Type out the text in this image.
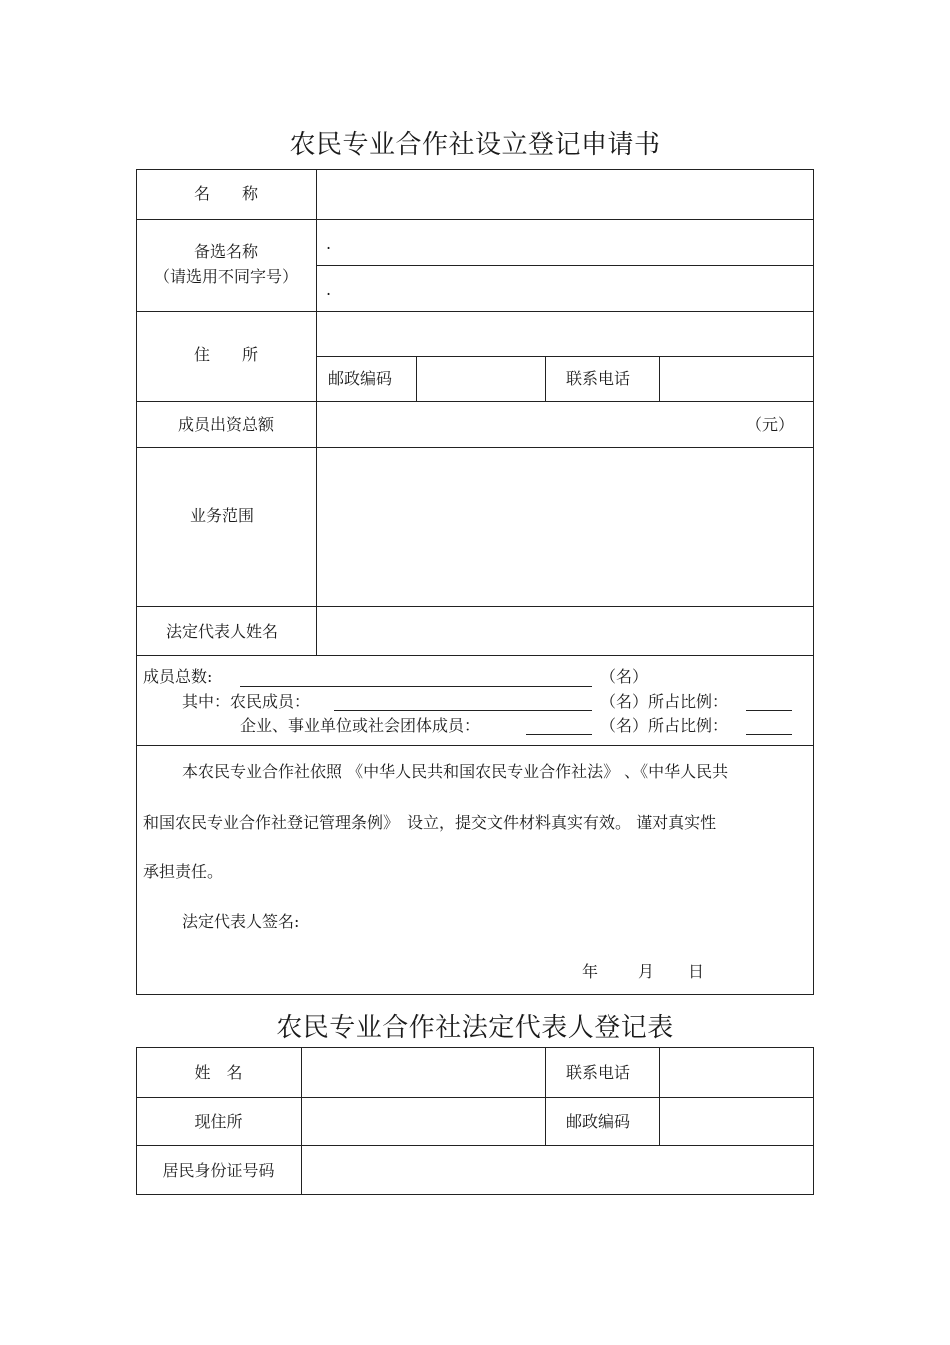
农民专业合作社设立登记申请书
名　　称
备选名称
（请选用不同字号）
.
.
住　　所
邮政编码	联系电话
成员出资总额	（元）
业务范围
法定代表人姓名
成员总数:	（名）
其中：农民成员：	（名）所占比例：
企业、事业单位或社会团体成员：	（名）所占比例：
本农民专业合作社依照 《中华人民共和国农民专业合作社法》 、《中华人民共
和国农民专业合作社登记管理条例》　设立，提交文件材料真实有效。 谨对真实性
承担责任。
法定代表人签名:
年 月 日
农民专业合作社法定代表人登记表
姓　名	联系电话
现住所	邮政编码
居民身份证号码
